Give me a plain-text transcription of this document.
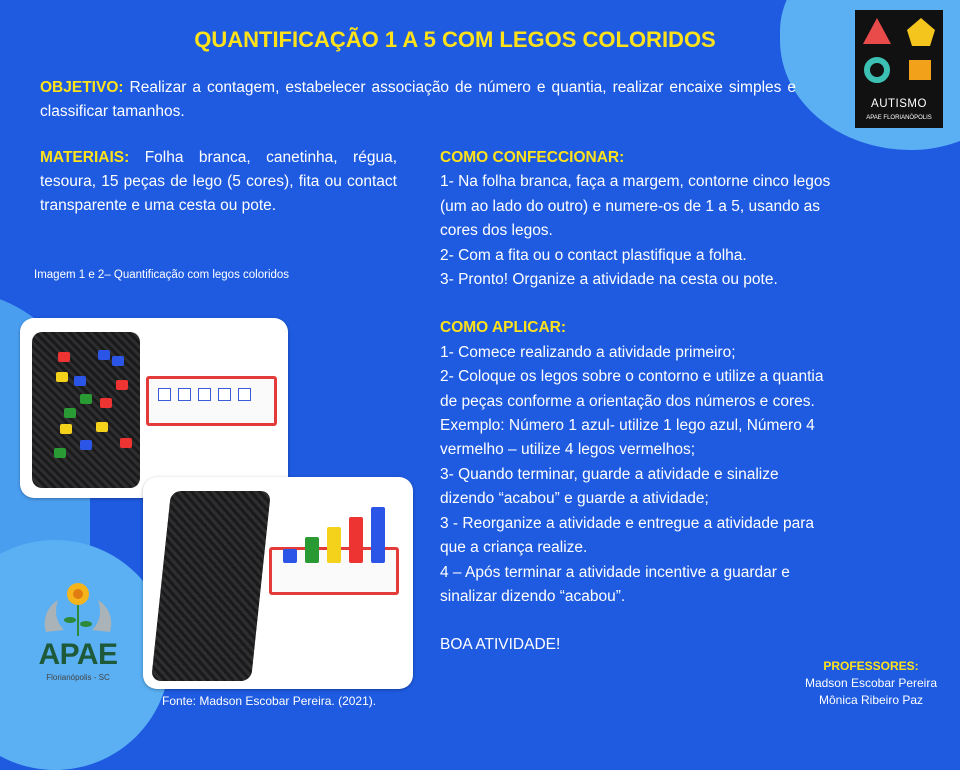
QUANTIFICAÇÃO 1 A 5 COM LEGOS COLORIDOS
OBJETIVO: Realizar a contagem, estabelecer associação de número e quantia, realizar encaixe simples e classificar tamanhos.
MATERIAIS: Folha branca, canetinha, régua, tesoura, 15 peças de lego (5 cores), fita ou contact transparente e uma cesta ou pote.
Imagem 1 e 2– Quantificação com legos coloridos
COMO CONFECCIONAR:
1- Na folha branca, faça a margem, contorne cinco legos
(um ao lado do outro) e numere-os de 1 a 5, usando as
cores dos legos.
2- Com a fita ou o contact plastifique a folha.
3- Pronto! Organize a atividade na cesta ou pote.
COMO APLICAR:
1- Comece realizando a atividade primeiro;
2- Coloque os legos sobre o contorno e utilize a quantia
de peças conforme a orientação dos números e cores.
Exemplo: Número 1 azul- utilize 1 lego azul, Número 4
vermelho – utilize 4 legos vermelhos;
3- Quando terminar, guarde a atividade e sinalize
dizendo “acabou” e guarde a atividade;
3 - Reorganize a atividade e entregue a atividade para
que a criança realize.
4 – Após terminar a atividade incentive a guardar e
sinalizar dizendo “acabou”.
BOA ATIVIDADE!
Fonte: Madson Escobar Pereira. (2021).
PROFESSORES:
Madson Escobar Pereira
Mônica Ribeiro Paz
AUTISMO
APAE FLORIANÓPOLIS
APAE
Florianópolis - SC
